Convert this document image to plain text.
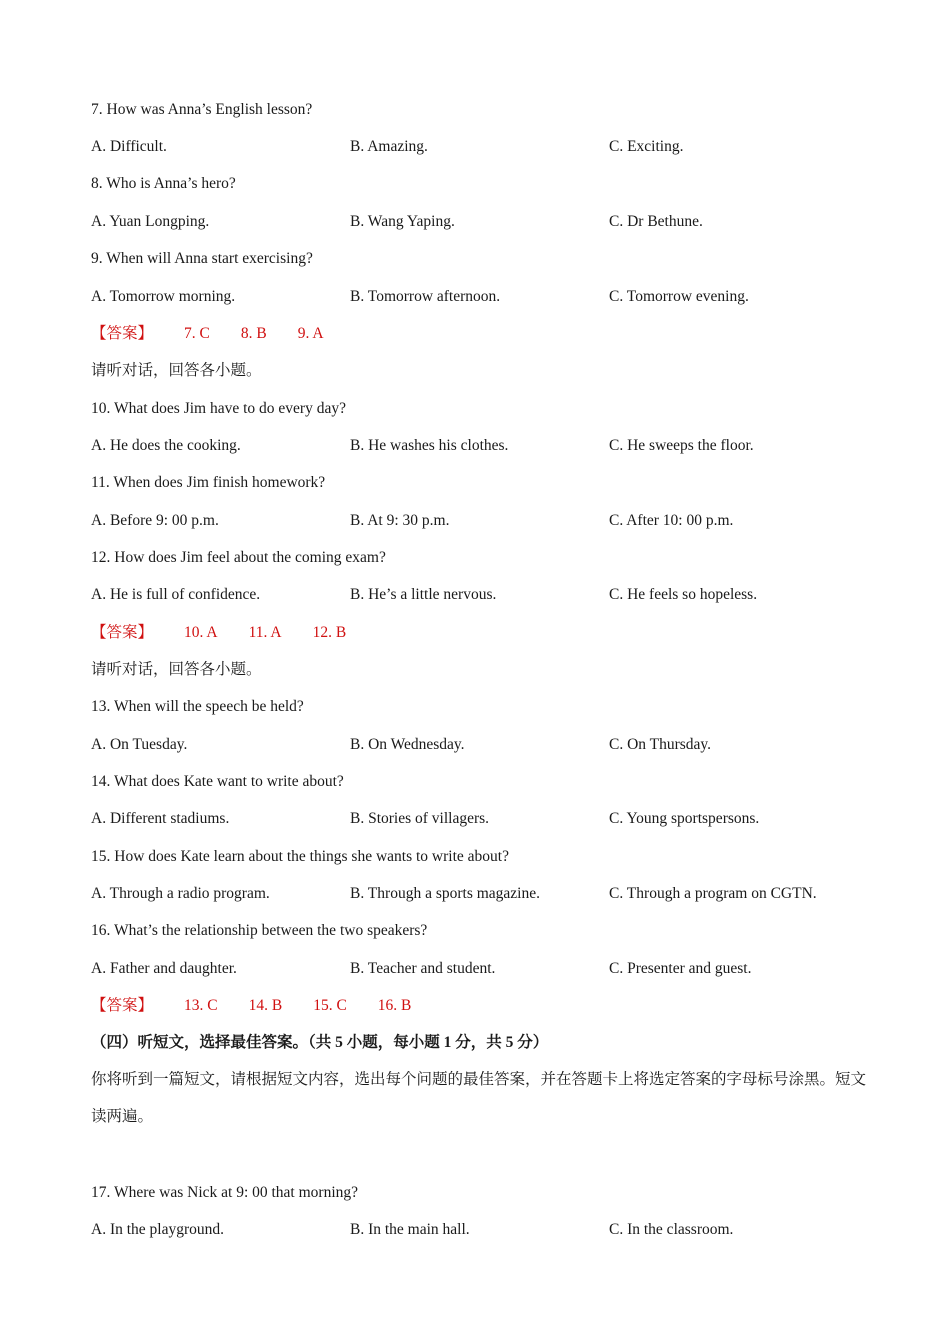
7. How was Anna’s English lesson?
A. Difficult.	B. Amazing.	C. Exciting.
8. Who is Anna’s hero?
A. Yuan Longping.	B. Wang Yaping.	C. Dr Bethune.
9. When will Anna start exercising?
A. Tomorrow morning.	B. Tomorrow afternoon.	C. Tomorrow evening.
【答案】 7. C 8. B 9. A
请听对话，回答各小题。
10. What does Jim have to do every day?
A. He does the cooking.	B. He washes his clothes.	C. He sweeps the floor.
11. When does Jim finish homework?
A. Before 9: 00 p.m.	B. At 9: 30 p.m.	C. After 10: 00 p.m.
12. How does Jim feel about the coming exam?
A. He is full of confidence.	B. He’s a little nervous.	C. He feels so hopeless.
【答案】 10. A 11. A 12. B
请听对话，回答各小题。
13. When will the speech be held?
A. On Tuesday.	B. On Wednesday.	C. On Thursday.
14. What does Kate want to write about?
A. Different stadiums.	B. Stories of villagers.	C. Young sportspersons.
15. How does Kate learn about the things she wants to write about?
A. Through a radio program.	B. Through a sports magazine.	C. Through a program on CGTN.
16. What’s the relationship between the two speakers?
A. Father and daughter.	B. Teacher and student.	C. Presenter and guest.
【答案】 13. C 14. B 15. C 16. B
（四）听短文，选择最佳答案。（共 5 小题，每小题 1 分，共 5 分）
你将听到一篇短文，请根据短文内容，选出每个问题的最佳答案，并在答题卡上将选定答案的字母标号涂黑。短文读两遍。
17. Where was Nick at 9: 00 that morning?
A. In the playground.	B. In the main hall.	C. In the classroom.
